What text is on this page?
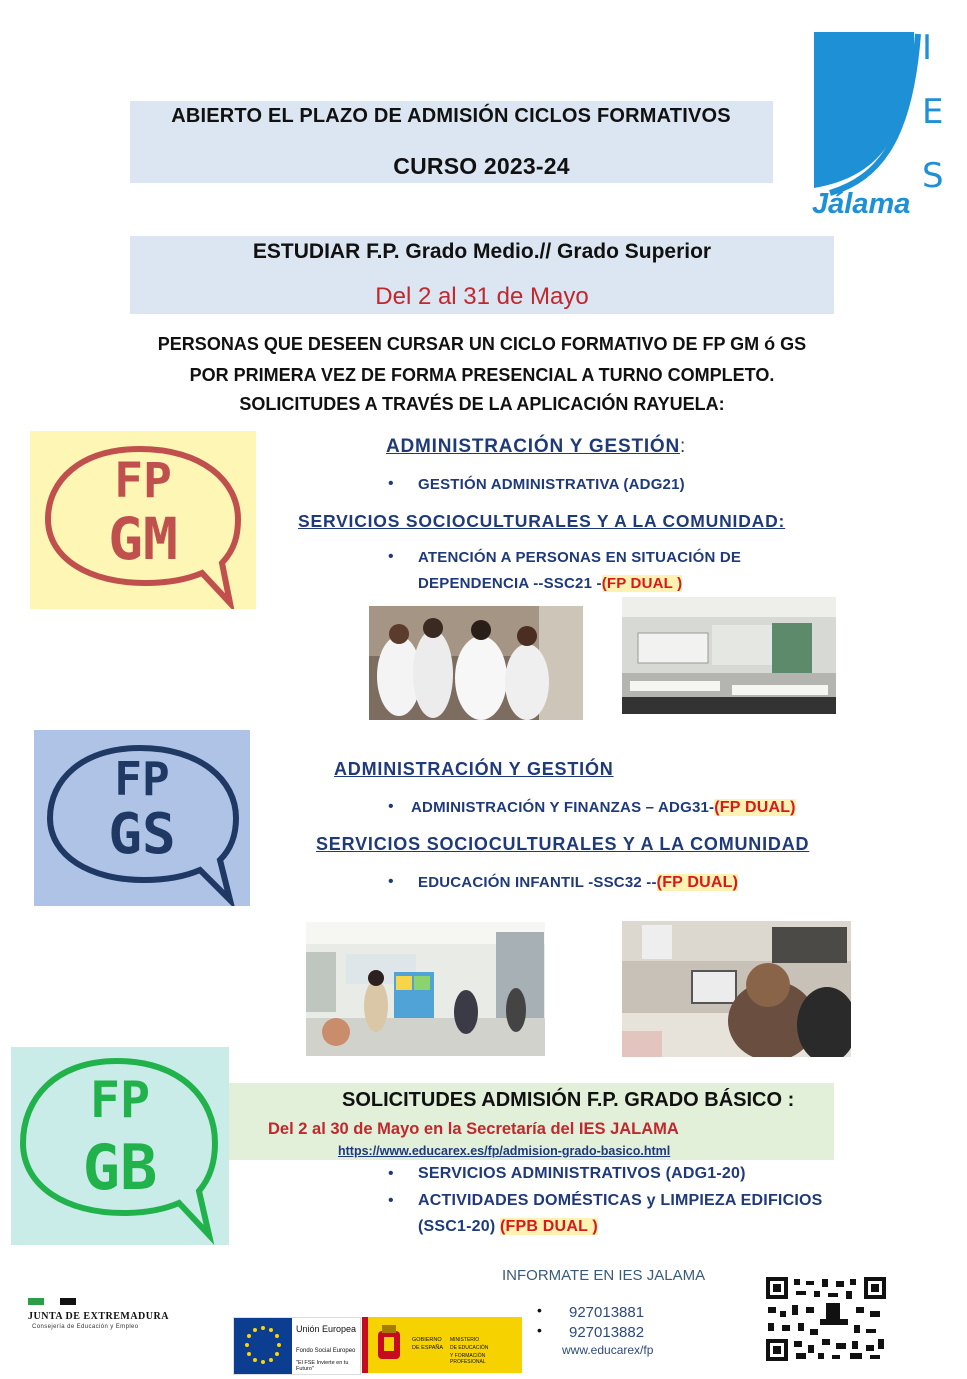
ABIERTO EL PLAZO DE ADMISIÓN CICLOS FORMATIVOS
CURSO 2023-24
I
E
S
Jálama
ESTUDIAR F.P. Grado Medio.// Grado Superior
Del 2 al 31 de Mayo
PERSONAS QUE DESEEN CURSAR UN CICLO FORMATIVO DE FP GM ó GS
POR PRIMERA VEZ DE FORMA PRESENCIAL A TURNO COMPLETO.
SOLICITUDES A TRAVÉS DE LA APLICACIÓN RAYUELA:
FP
GM
ADMINISTRACIÓN Y GESTIÓN:
• GESTIÓN ADMINISTRATIVA (ADG21)
SERVICIOS SOCIOCULTURALES Y A LA COMUNIDAD:
• ATENCIÓN A PERSONAS EN SITUACIÓN DE
DEPENDENCIA --SSC21 -(FP DUAL )
FP
GS
ADMINISTRACIÓN Y GESTIÓN
• ADMINISTRACIÓN Y FINANZAS – ADG31-(FP DUAL)
SERVICIOS SOCIOCULTURALES Y A LA COMUNIDAD
• EDUCACIÓN INFANTIL -SSC32 --(FP DUAL)
FP
GB
SOLICITUDES ADMISIÓN F.P. GRADO BÁSICO :
Del 2 al 30 de Mayo en la Secretaría del IES JALAMA
https://www.educarex.es/fp/admision-grado-basico.html
• SERVICIOS ADMINISTRATIVOS (ADG1-20)
• ACTIVIDADES DOMÉSTICAS y LIMPIEZA EDIFICIOS
(SSC1-20) (FPB DUAL )
JUNTA DE EXTREMADURA
Consejería de Educación y Empleo	Unión Europea
Fondo Social Europeo
"El FSE Invierte en tu Futuro"
GOBIERNO
DE ESPAÑA
MINISTERIO
DE EDUCACIÓN
Y FORMACIÓN PROFESIONAL
INFORMATE EN IES JALAMA
• 927013881
• 927013882
www.educarex/fp
